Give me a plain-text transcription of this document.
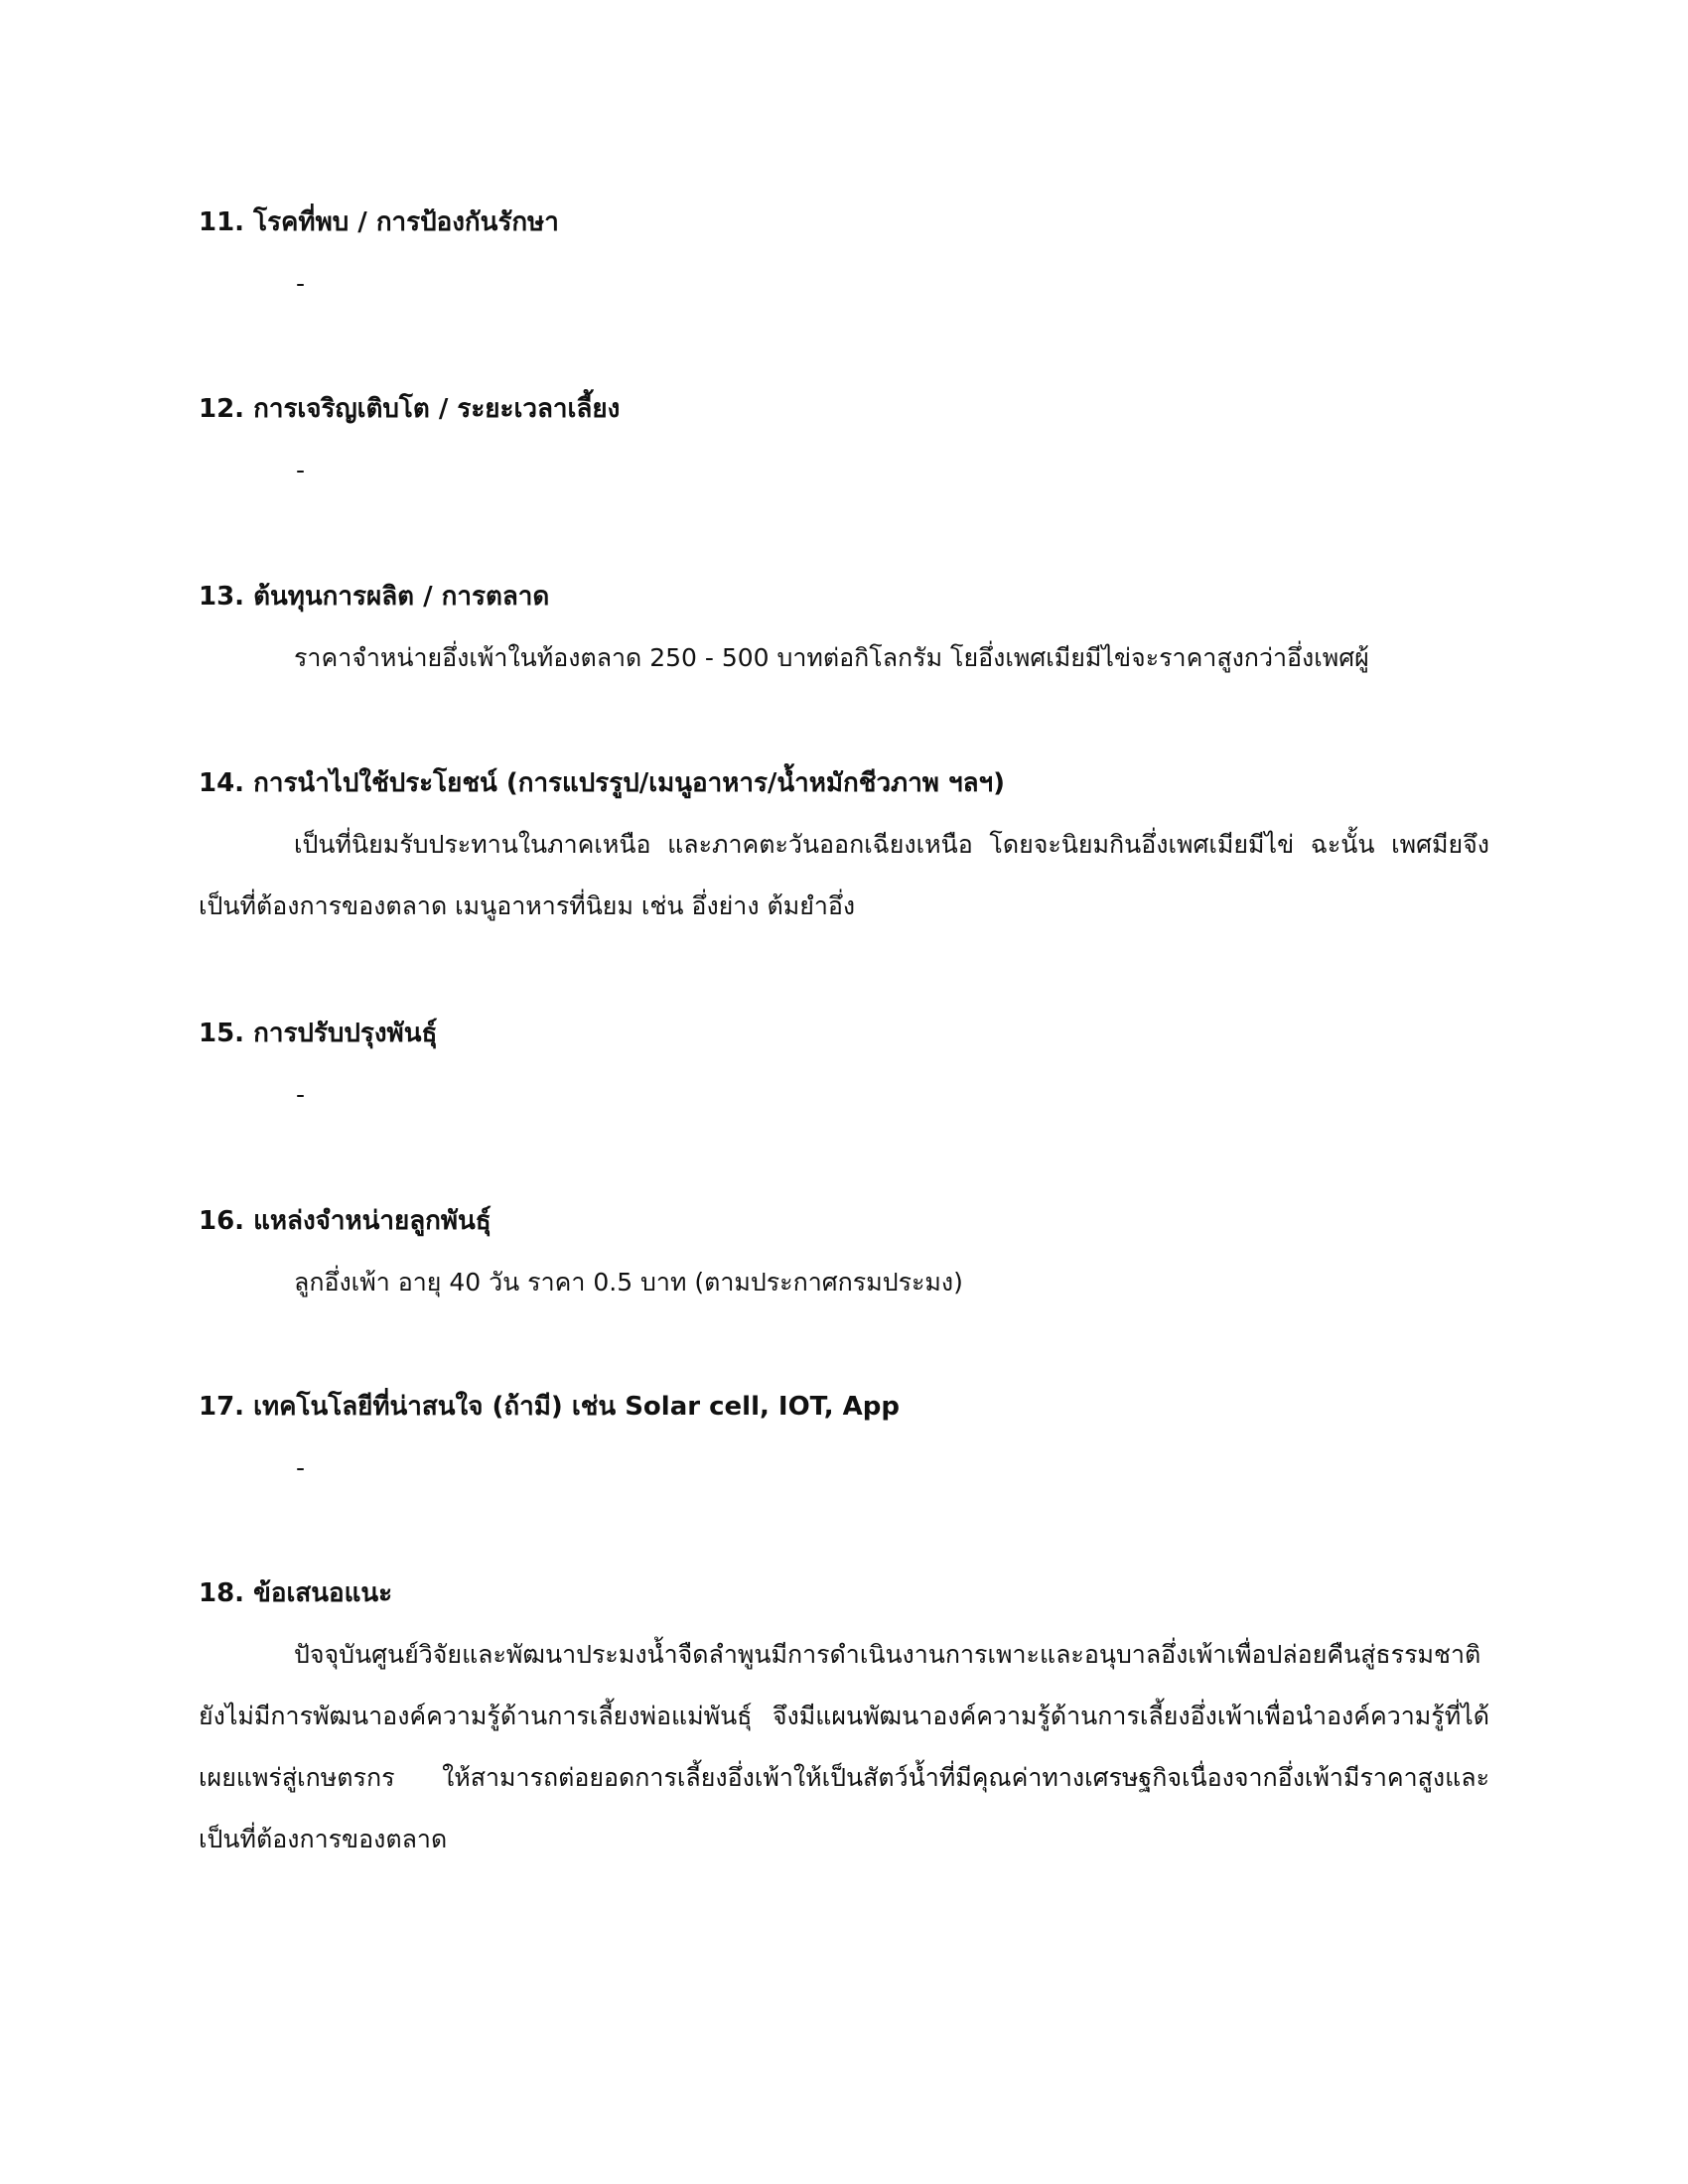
11. โรคที่พบ / การป้องกันรักษา
-
12. การเจริญเติบโต / ระยะเวลาเลี้ยง
-
13. ต้นทุนการผลิต / การตลาด

ราคาจำหน่ายอึ่งเพ้าในท้องตลาด 250 - 500 บาทต่อกิโลกรัม โยอึ่งเพศเมียมีไข่จะราคาสูงกว่าอึ่งเพศผู้

14. การนำไปใช้ประโยชน์ (การแปรรูป/เมนูอาหาร/น้ำหมักชีวภาพ ฯลฯ)

เป็นที่นิยมรับประทานในภาคเหนือ และภาคตะวันออกเฉียงเหนือ โดยจะนิยมกินอึ่งเพศเมียมีไข่ ฉะนั้น เพศมียจึงเป็นที่ต้องการของตลาด เมนูอาหารที่นิยม เช่น อึ่งย่าง ต้มยำอึ่ง

15. การปรับปรุงพันธุ์
-
16. แหล่งจำหน่ายลูกพันธุ์

ลูกอึ่งเพ้า อายุ 40 วัน ราคา 0.5 บาท (ตามประกาศกรมประมง)

17. เทคโนโลยีที่น่าสนใจ (ถ้ามี) เช่น Solar cell, IOT, App
-
18. ข้อเสนอแนะ

ปัจจุบันศูนย์วิจัยและพัฒนาประมงน้ำจืดลำพูนมีการดำเนินงานการเพาะและอนุบาลอึ่งเพ้าเพื่อปล่อยคืนสู่ธรรมชาติ ยังไม่มีการพัฒนาองค์ความรู้ด้านการเลี้ยงพ่อแม่พันธุ์ จึงมีแผนพัฒนาองค์ความรู้ด้านการเลี้ยงอึ่งเพ้าเพื่อนำองค์ความรู้ที่ได้เผยแพร่สู่เกษตรกร ให้สามารถต่อยอดการเลี้ยงอึ่งเพ้าให้เป็นสัตว์น้ำที่มีคุณค่าทางเศรษฐกิจเนื่องจากอึ่งเพ้ามีราคาสูงและเป็นที่ต้องการของตลาด
